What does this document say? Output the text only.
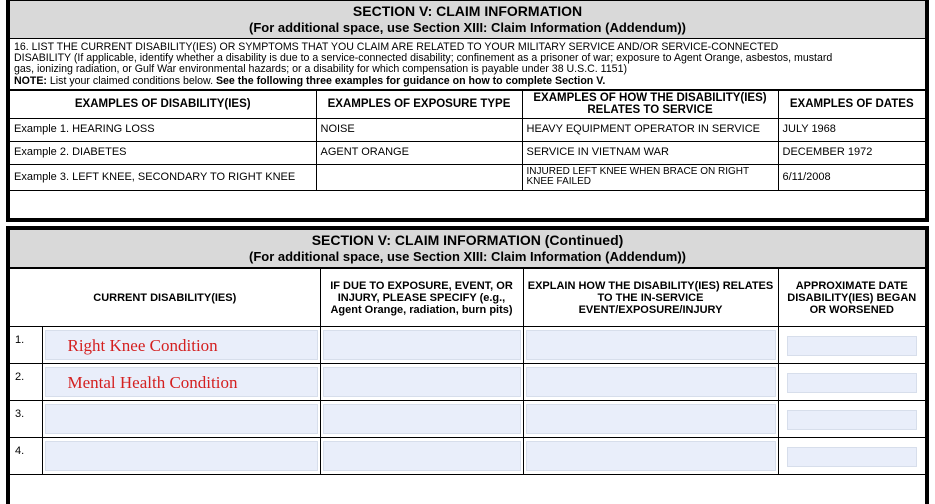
SECTION V: CLAIM INFORMATION
(For additional space, use Section XIII: Claim Information (Addendum))
16. LIST THE CURRENT DISABILITY(IES) OR SYMPTOMS THAT YOU CLAIM ARE RELATED TO YOUR MILITARY SERVICE AND/OR SERVICE-CONNECTED
DISABILITY (If applicable, identify whether a disability is due to a service-connected disability; confinement as a prisoner of war; exposure to Agent Orange, asbestos, mustard
gas, ionizing radiation, or Gulf War environmental hazards; or a disability for which compensation is payable under 38 U.S.C. 1151)
NOTE: List your claimed conditions below. See the following three examples for guidance on how to complete Section V.
EXAMPLES OF DISABILITY(IES)	EXAMPLES OF EXPOSURE TYPE	EXAMPLES OF HOW THE DISABILITY(IES) RELATES TO SERVICE	EXAMPLES OF DATES
Example 1. HEARING LOSS	NOISE	HEAVY EQUIPMENT OPERATOR IN SERVICE	JULY 1968
Example 2. DIABETES	AGENT ORANGE	SERVICE IN VIETNAM WAR	DECEMBER 1972
Example 3. LEFT KNEE, SECONDARY TO RIGHT KNEE		INJURED LEFT KNEE WHEN BRACE ON RIGHT KNEE FAILED	6/11/2008
SECTION V: CLAIM INFORMATION (Continued)
(For additional space, use Section XIII: Claim Information (Addendum))
CURRENT DISABILITY(IES)		IF DUE TO EXPOSURE, EVENT, OR INJURY, PLEASE SPECIFY (e.g., Agent Orange, radiation, burn pits)	EXPLAIN HOW THE DISABILITY(IES) RELATES TO THE IN-SERVICE EVENT/EXPOSURE/INJURY	APPROXIMATE DATE DISABILITY(IES) BEGAN OR WORSENED

1.	Right Knee Condition			

2.	Mental Health Condition			

3.				

4.				
